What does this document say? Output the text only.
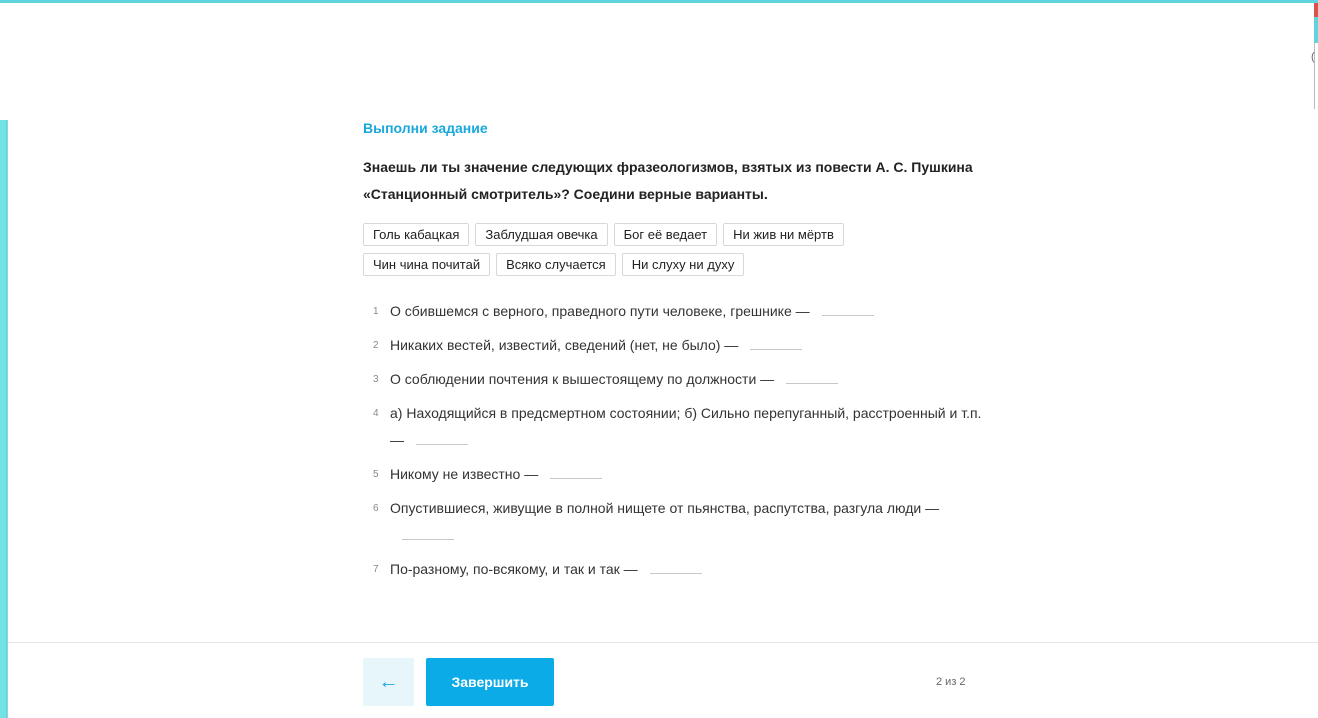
(
Выполни задание
Знаешь ли ты значение следующих фразеологизмов, взятых из повести А. С. Пушкина
«Станционный смотритель»? Соедини верные варианты.
Голь кабацкая	Заблудшая овечка	Бог её ведает	Ни жив ни мёртв
Чин чина почитай	Всяко случается	Ни слуху ни духу
1 О сбившемся с верного, праведного пути человеке, грешнике —
2 Никаких вестей, известий, сведений (нет, не было) —
3 О соблюдении почтения к вышестоящему по должности —
4 а) Находящийся в предсмертном состоянии; б) Сильно перепуганный, расстроенный и т.п. —
5 Никому не известно —
6 Опустившиеся, живущие в полной нищете от пьянства, распутства, разгула люди —
7 По-разному, по-всякому, и так и так —
←	Завершить	2 из 2
